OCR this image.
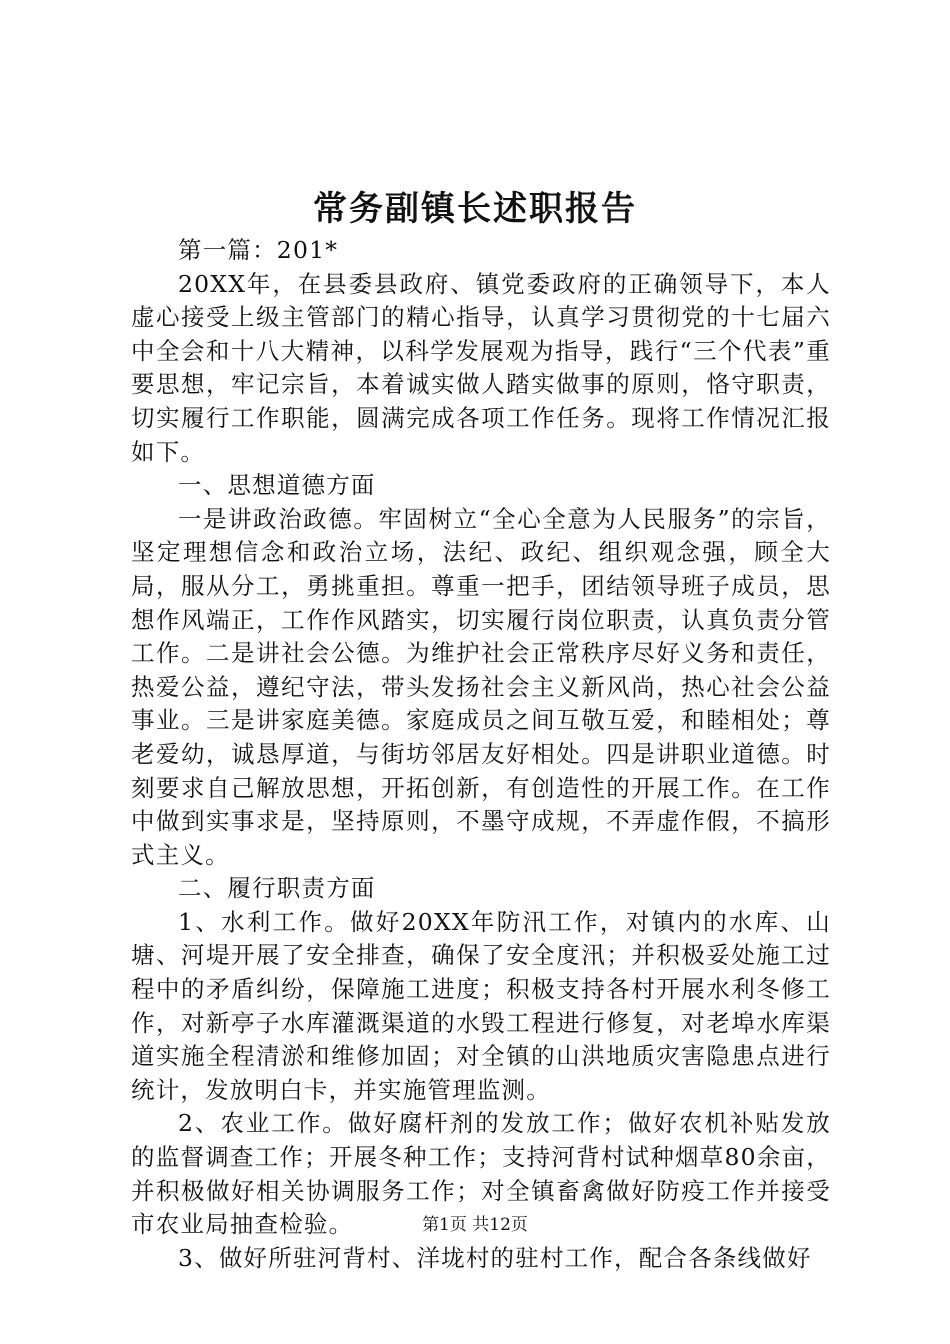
常务副镇长述职报告

第一篇：201*

20XX年，在县委县政府、镇党委政府的正确领导下，本人虚心接受上级主管部门的精心指导，认真学习贯彻党的十七届六中全会和十八大精神，以科学发展观为指导，践行“三个代表”重要思想，牢记宗旨，本着诚实做人踏实做事的原则，恪守职责，切实履行工作职能，圆满完成各项工作任务。现将工作情况汇报如下。

一、思想道德方面

一是讲政治政德。牢固树立“全心全意为人民服务”的宗旨，坚定理想信念和政治立场，法纪、政纪、组织观念强，顾全大局，服从分工，勇挑重担。尊重一把手，团结领导班子成员，思想作风端正，工作作风踏实，切实履行岗位职责，认真负责分管工作。二是讲社会公德。为维护社会正常秩序尽好义务和责任，热爱公益，遵纪守法，带头发扬社会主义新风尚，热心社会公益事业。三是讲家庭美德。家庭成员之间互敬互爱，和睦相处；尊老爱幼，诚恳厚道，与街坊邻居友好相处。四是讲职业道德。时刻要求自己解放思想，开拓创新，有创造性的开展工作。在工作中做到实事求是，坚持原则，不墨守成规，不弄虚作假，不搞形式主义。

二、履行职责方面

1、水利工作。做好20XX年防汛工作，对镇内的水库、山塘、河堤开展了安全排查，确保了安全度汛；并积极妥处施工过程中的矛盾纠纷，保障施工进度；积极支持各村开展水利冬修工作，对新亭子水库灌溉渠道的水毁工程进行修复，对老埠水库渠道实施全程清淤和维修加固；对全镇的山洪地质灾害隐患点进行统计，发放明白卡，并实施管理监测。

2、农业工作。做好腐杆剂的发放工作；做好农机补贴发放的监督调查工作；开展冬种工作；支持河背村试种烟草80余亩，并积极做好相关协调服务工作；对全镇畜禽做好防疫工作并接受市农业局抽查检验。

3、做好所驻河背村、洋垅村的驻村工作，配合各条线做好

第1页 共12页
